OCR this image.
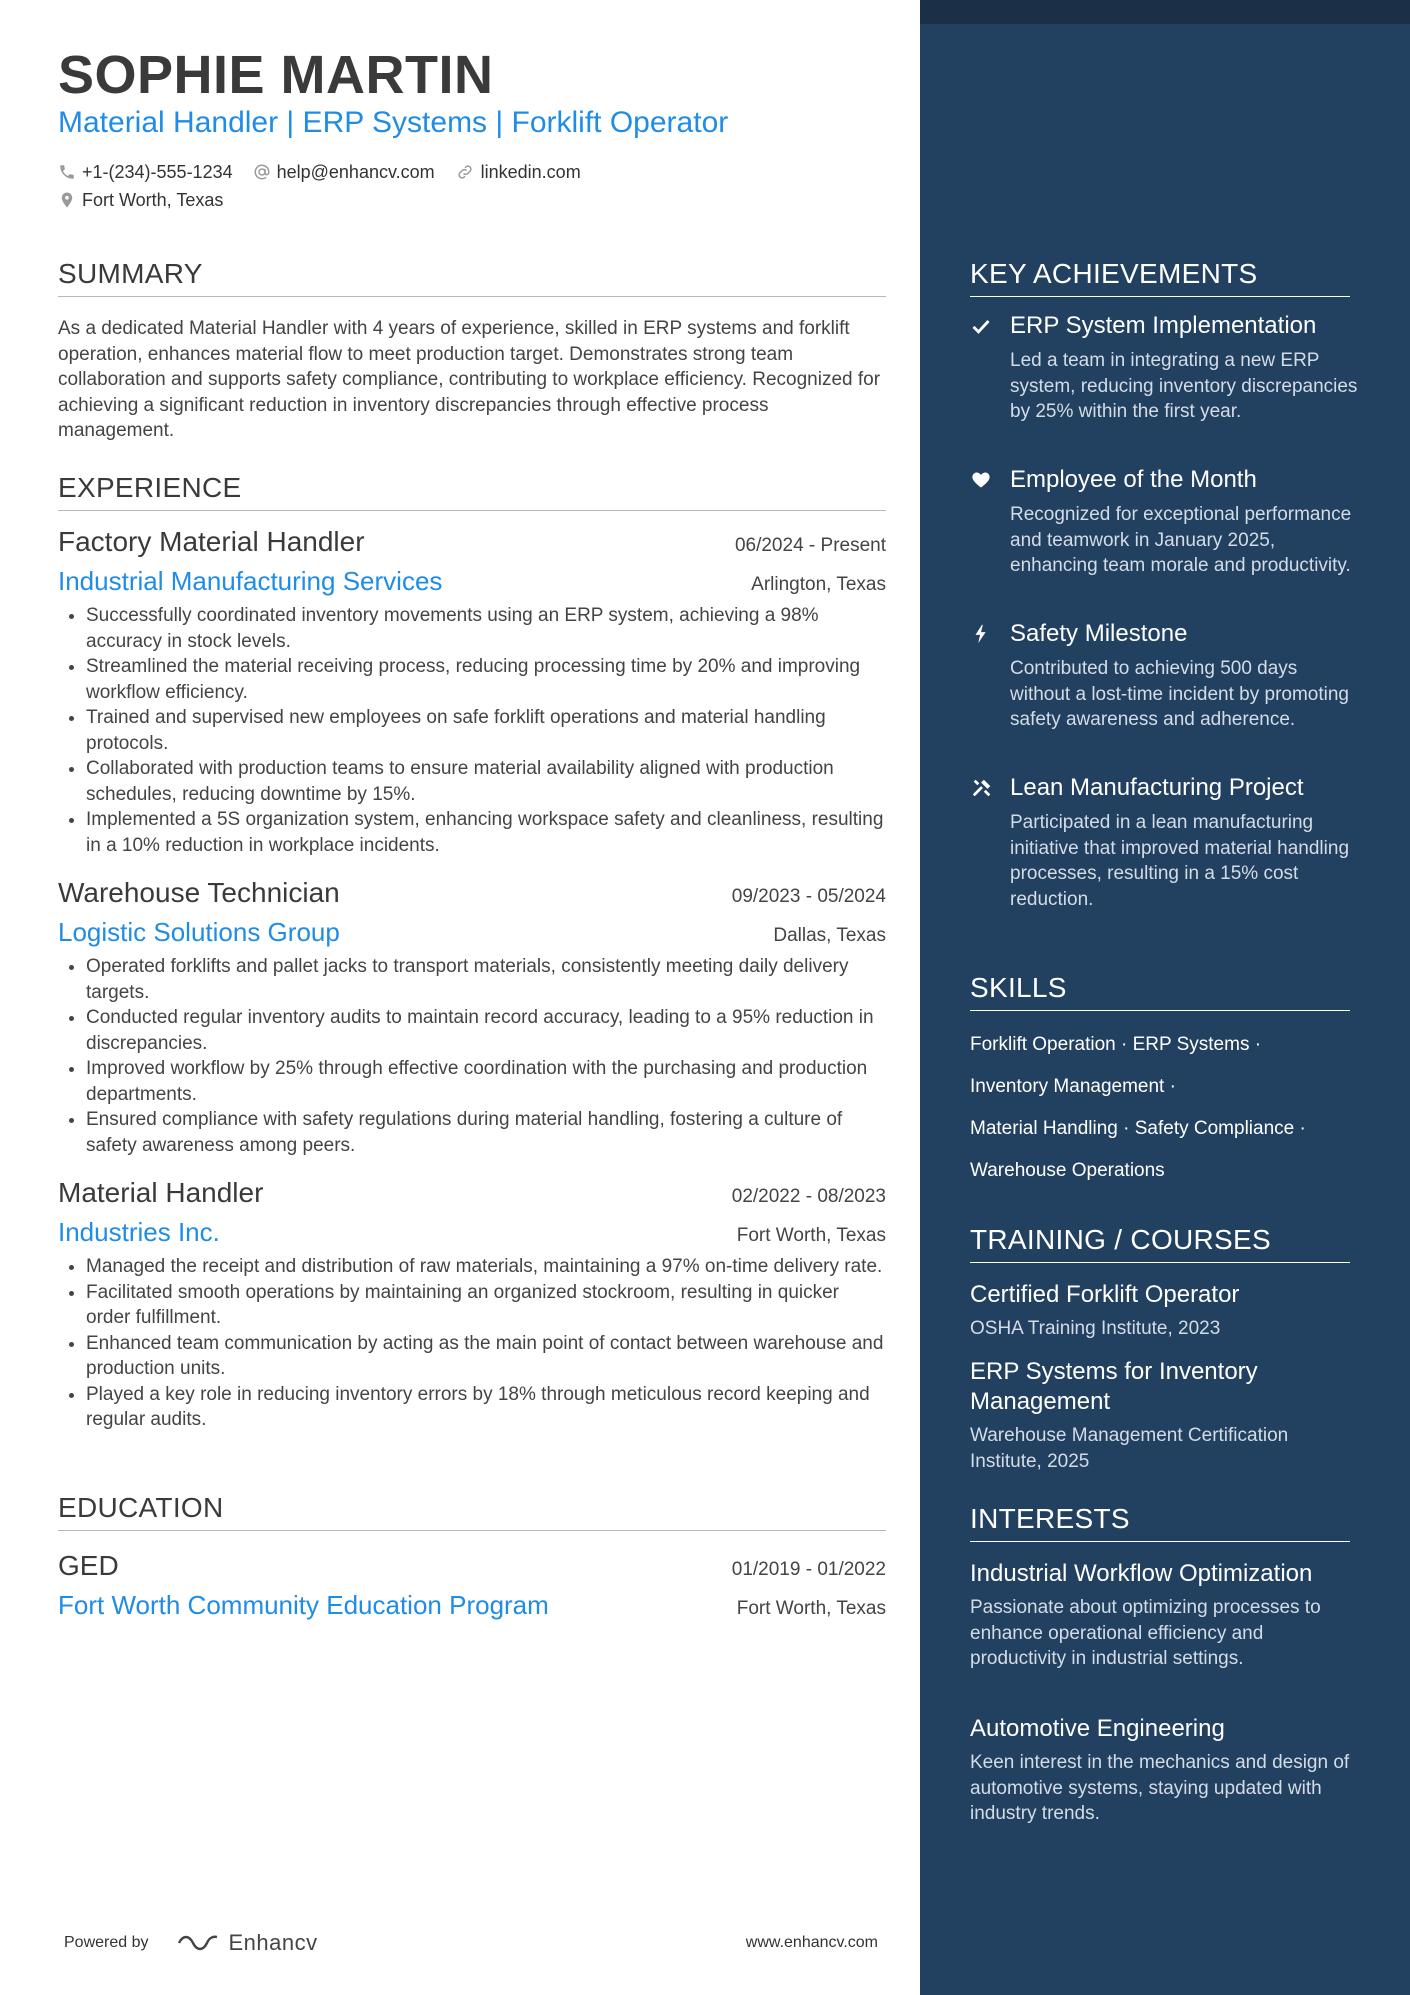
SOPHIE MARTIN
Material Handler | ERP Systems | Forklift Operator
+1-(234)-555-1234 help@enhancv.com	linkedin.com
Fort Worth, Texas
SUMMARY
As a dedicated Material Handler with 4 years of experience, skilled in ERP systems and forklift operation, enhances material flow to meet production target. Demonstrates strong team collaboration and supports safety compliance, contributing to workplace efficiency. Recognized for achieving a significant reduction in inventory discrepancies through effective process management.
EXPERIENCE
Factory Material Handler	06/2024 - Present
Industrial Manufacturing Services	Arlington, Texas
• Successfully coordinated inventory movements using an ERP system, achieving a 98% accuracy in stock levels.
• Streamlined the material receiving process, reducing processing time by 20% and improving workflow efficiency.
• Trained and supervised new employees on safe forklift operations and material handling protocols.
• Collaborated with production teams to ensure material availability aligned with production schedules, reducing downtime by 15%.
• Implemented a 5S organization system, enhancing workspace safety and cleanliness, resulting in a 10% reduction in workplace incidents.
Warehouse Technician	09/2023 - 05/2024
Logistic Solutions Group	Dallas, Texas
• Operated forklifts and pallet jacks to transport materials, consistently meeting daily delivery targets.
• Conducted regular inventory audits to maintain record accuracy, leading to a 95% reduction in discrepancies.
• Improved workflow by 25% through effective coordination with the purchasing and production departments.
• Ensured compliance with safety regulations during material handling, fostering a culture of safety awareness among peers.
Material Handler	02/2022 - 08/2023
Industries Inc.	Fort Worth, Texas
• Managed the receipt and distribution of raw materials, maintaining a 97% on-time delivery rate.
• Facilitated smooth operations by maintaining an organized stockroom, resulting in quicker order fulfillment.
• Enhanced team communication by acting as the main point of contact between warehouse and production units.
• Played a key role in reducing inventory errors by 18% through meticulous record keeping and regular audits.
EDUCATION
GED	01/2019 - 01/2022
Fort Worth Community Education Program	Fort Worth, Texas
Powered by	Enhancv	www.enhancv.com
KEY ACHIEVEMENTS
ERP System Implementation
Led a team in integrating a new ERP system, reducing inventory discrepancies by 25% within the first year.
Employee of the Month
Recognized for exceptional performance and teamwork in January 2025, enhancing team morale and productivity.
Safety Milestone
Contributed to achieving 500 days without a lost-time incident by promoting safety awareness and adherence.
Lean Manufacturing Project
Participated in a lean manufacturing initiative that improved material handling processes, resulting in a 15% cost reduction.
SKILLS
Forklift Operation · ERP Systems ·
Inventory Management ·
Material Handling · Safety Compliance ·
Warehouse Operations
TRAINING / COURSES
Certified Forklift Operator
OSHA Training Institute, 2023
ERP Systems for Inventory Management
Warehouse Management Certification Institute, 2025
INTERESTS
Industrial Workflow Optimization
Passionate about optimizing processes to enhance operational efficiency and productivity in industrial settings.
Automotive Engineering
Keen interest in the mechanics and design of automotive systems, staying updated with industry trends.
